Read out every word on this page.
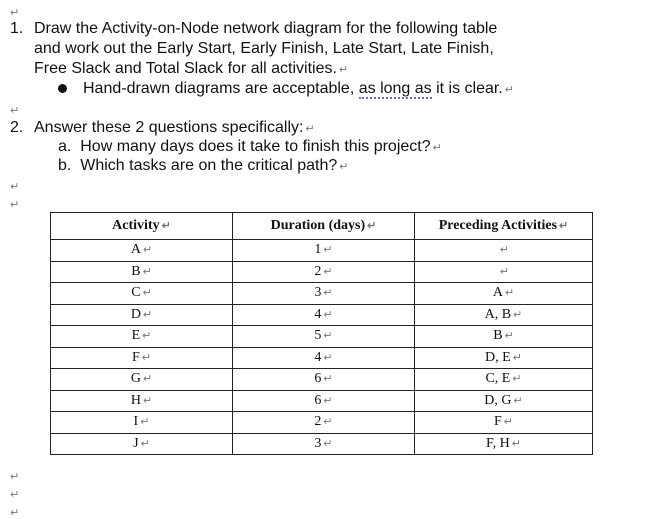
↵
↵
↵
↵
↵
↵
↵
1. Draw the Activity-on-Node network diagram for the following table
and work out the Early Start, Early Finish, Late Start, Late Finish,
Free Slack and Total Slack for all activities. ↵
Hand-drawn diagrams are acceptable, as long as it is clear. ↵
2. Answer these 2 questions specifically: ↵
a. How many days does it take to finish this project? ↵
b. Which tasks are on the critical path? ↵
Activity ↵	Duration (days) ↵	Preceding Activities ↵
A ↵	1 ↵	↵
B ↵	2 ↵	↵
C ↵	3 ↵	A ↵
D ↵	4 ↵	A, B ↵
E ↵	5 ↵	B ↵
F ↵	4 ↵	D, E ↵
G ↵	6 ↵	C, E ↵
H ↵	6 ↵	D, G ↵
I ↵	2 ↵	F ↵
J ↵	3 ↵	F, H ↵
